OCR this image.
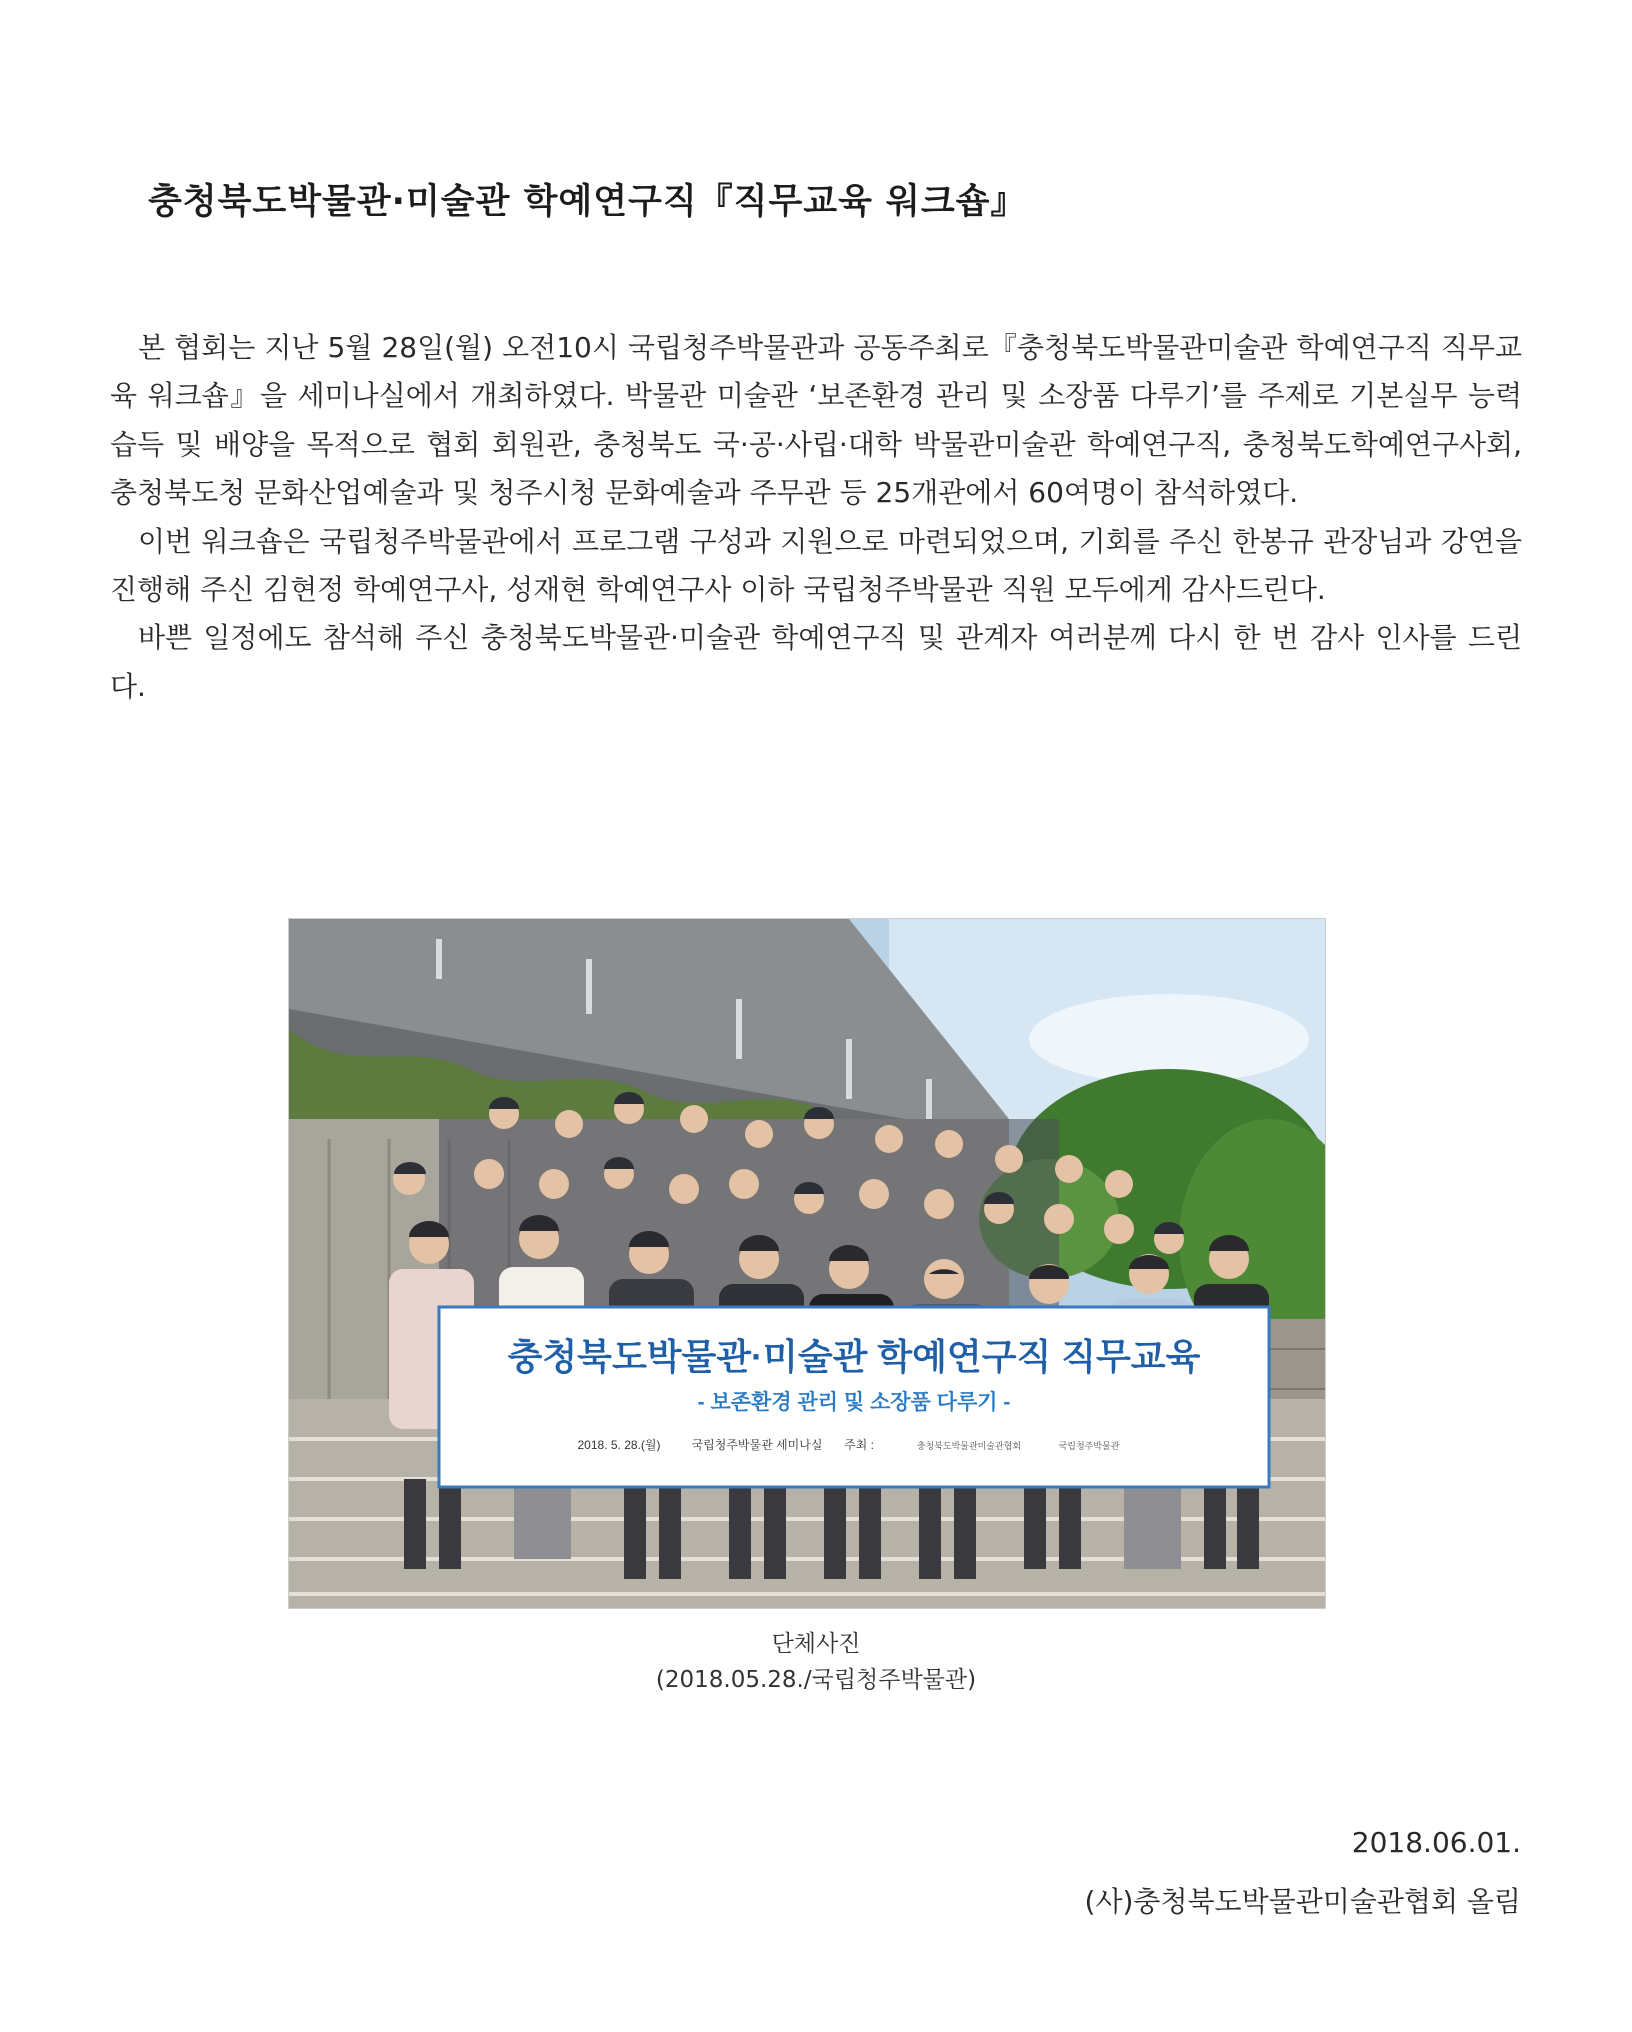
충청북도박물관·미술관 학예연구직『직무교육 워크숍』

본 협회는 지난 5월 28일(월) 오전10시 국립청주박물관과 공동주최로『충청북도박물관미술관 학예연구직 직무교육 워크숍』을 세미나실에서 개최하였다. 박물관 미술관 ‘보존환경 관리 및 소장품 다루기’를 주제로 기본실무 능력 습득 및 배양을 목적으로 협회 회원관, 충청북도 국·공·사립·대학 박물관미술관 학예연구직, 충청북도학예연구사회, 충청북도청 문화산업예술과 및 청주시청 문화예술과 주무관 등 25개관에서 60여명이 참석하였다.

이번 워크숍은 국립청주박물관에서 프로그램 구성과 지원으로 마련되었으며, 기회를 주신 한봉규 관장님과 강연을 진행해 주신 김현정 학예연구사, 성재현 학예연구사 이하 국립청주박물관 직원 모두에게 감사드린다.

바쁜 일정에도 참석해 주신 충청북도박물관·미술관 학예연구직 및 관계자 여러분께 다시 한 번 감사 인사를 드린다.

충청북도박물관·미술관 학예연구직 직무교육
- 보존환경 관리 및 소장품 다루기 -
2018. 5. 28.(월)	국립청주박물관 세미나실 주최 :	충청북도박물관미술관협회	국립청주박물관
단체사진
(2018.05.28./국립청주박물관)
2018.06.01.
(사)충청북도박물관미술관협회 올림
